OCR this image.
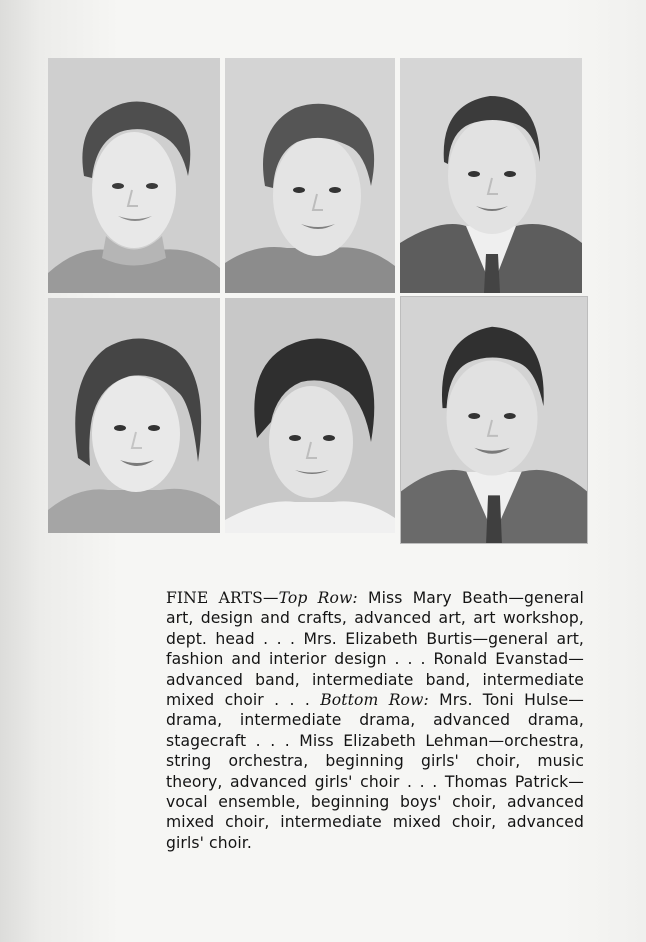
FINE ARTS—Top Row: Miss Mary Beath—general art, design and crafts, advanced art, art workshop, dept. head . . . Mrs. Elizabeth Burtis—general art, fashion and interior design . . . Ronald Evanstad—advanced band, intermediate band, intermediate mixed choir . . . Bottom Row: Mrs. Toni Hulse—drama, intermediate drama, advanced drama, stagecraft . . . Miss Elizabeth Lehman—orchestra, string orchestra, beginning girls' choir, music theory, advanced girls' choir . . . Thomas Patrick—vocal ensemble, beginning boys' choir, advanced mixed choir, intermediate mixed choir, advanced girls' choir.
